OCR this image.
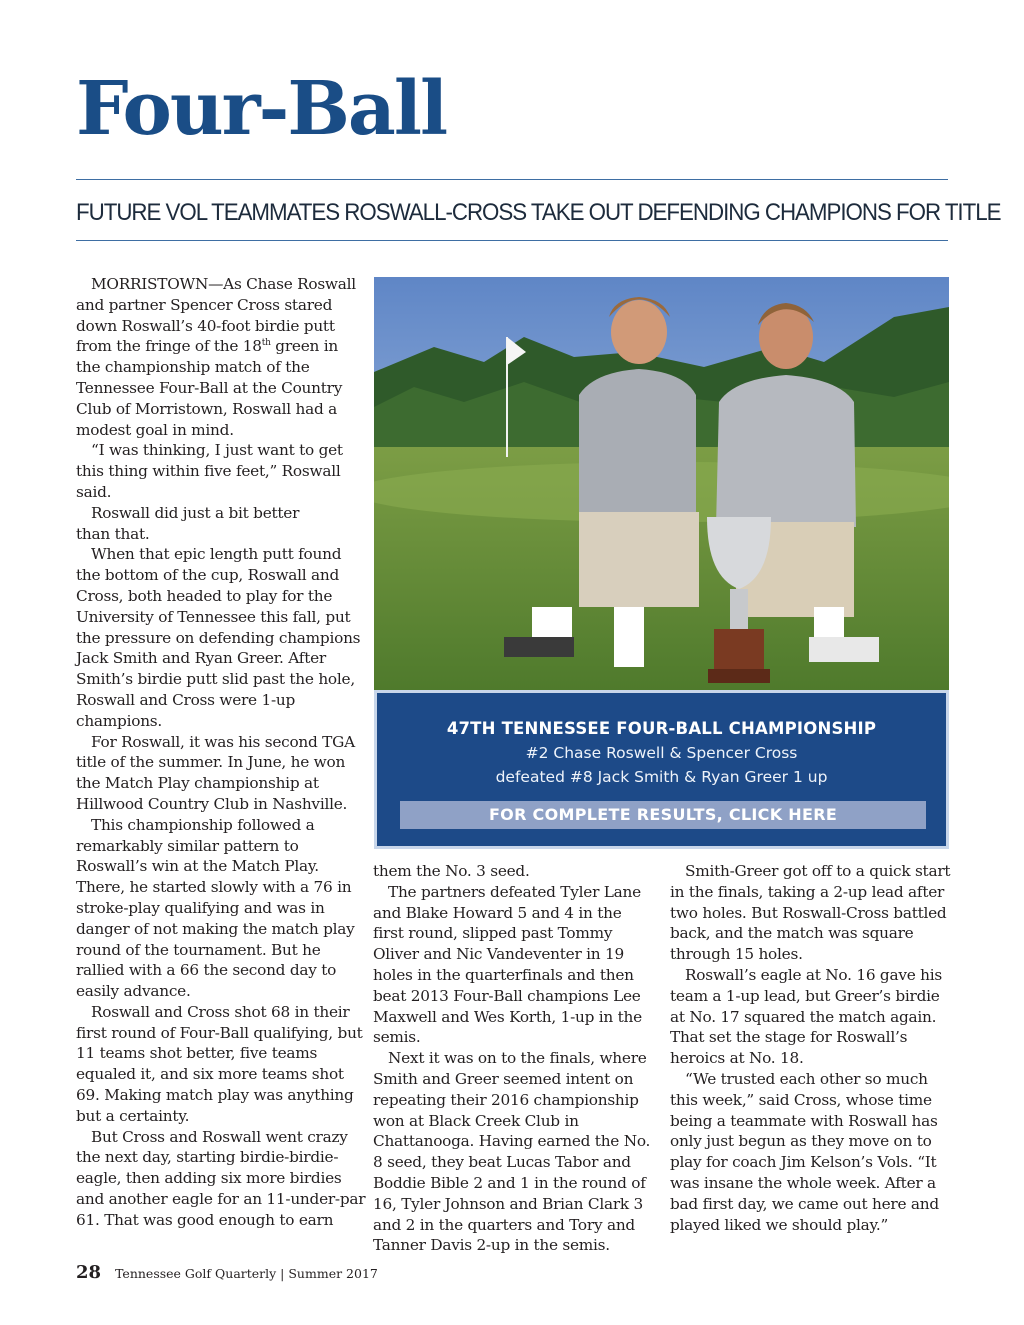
Four-Ball
FUTURE VOL TEAMMATES ROSWALL-CROSS TAKE OUT DEFENDING CHAMPIONS FOR TITLE

MORRISTOWN—As Chase Roswall and partner Spencer Cross stared down Roswall’s 40-foot birdie putt from the fringe of the 18th green in the championship match of the Tennessee Four-Ball at the Country Club of Morristown, Roswall had a modest goal in mind.

“I was thinking, I just want to get this thing within five feet,” Roswall said.

Roswall did just a bit better than that.

When that epic length putt found the bottom of the cup, Roswall and Cross, both headed to play for the University of Tennessee this fall, put the pressure on defending champions Jack Smith and Ryan Greer. After Smith’s birdie putt slid past the hole, Roswall and Cross were 1-up champions.

For Roswall, it was his second TGA title of the summer. In June, he won the Match Play championship at Hillwood Country Club in Nashville.

This championship followed a remarkably similar pattern to Roswall’s win at the Match Play. There, he started slowly with a 76 in stroke-play qualifying and was in danger of not making the match play round of the tournament. But he rallied with a 66 the second day to easily advance.

Roswall and Cross shot 68 in their first round of Four-Ball qualifying, but 11 teams shot better, five teams equaled it, and six more teams shot 69. Making match play was anything but a certainty.

But Cross and Roswall went crazy the next day, starting birdie-birdie-eagle, then adding six more birdies and another eagle for an 11-under-par 61. That was good enough to earn

47TH TENNESSEE FOUR-BALL CHAMPIONSHIP
#2 Chase Roswell & Spencer Cross
defeated #8 Jack Smith & Ryan Greer 1 up
FOR COMPLETE RESULTS, CLICK HERE

them the No. 3 seed.

The partners defeated Tyler Lane and Blake Howard 5 and 4 in the first round, slipped past Tommy Oliver and Nic Vandeventer in 19 holes in the quarterfinals and then beat 2013 Four-Ball champions Lee Maxwell and Wes Korth, 1-up in the semis.

Next it was on to the finals, where Smith and Greer seemed intent on repeating their 2016 championship won at Black Creek Club in Chattanooga. Having earned the No. 8 seed, they beat Lucas Tabor and Boddie Bible 2 and 1 in the round of 16, Tyler Johnson and Brian Clark 3 and 2 in the quarters and Tory and Tanner Davis 2-up in the semis.

Smith-Greer got off to a quick start in the finals, taking a 2-up lead after two holes. But Roswall-Cross battled back, and the match was square through 15 holes.

Roswall’s eagle at No. 16 gave his team a 1-up lead, but Greer’s birdie at No. 17 squared the match again. That set the stage for Roswall’s heroics at No. 18.

“We trusted each other so much this week,” said Cross, whose time being a teammate with Roswall has only just begun as they move on to play for coach Jim Kelson’s Vols. “It was insane the whole week. After a bad first day, we came out here and played liked we should play.”

28 Tennessee Golf Quarterly | Summer 2017
